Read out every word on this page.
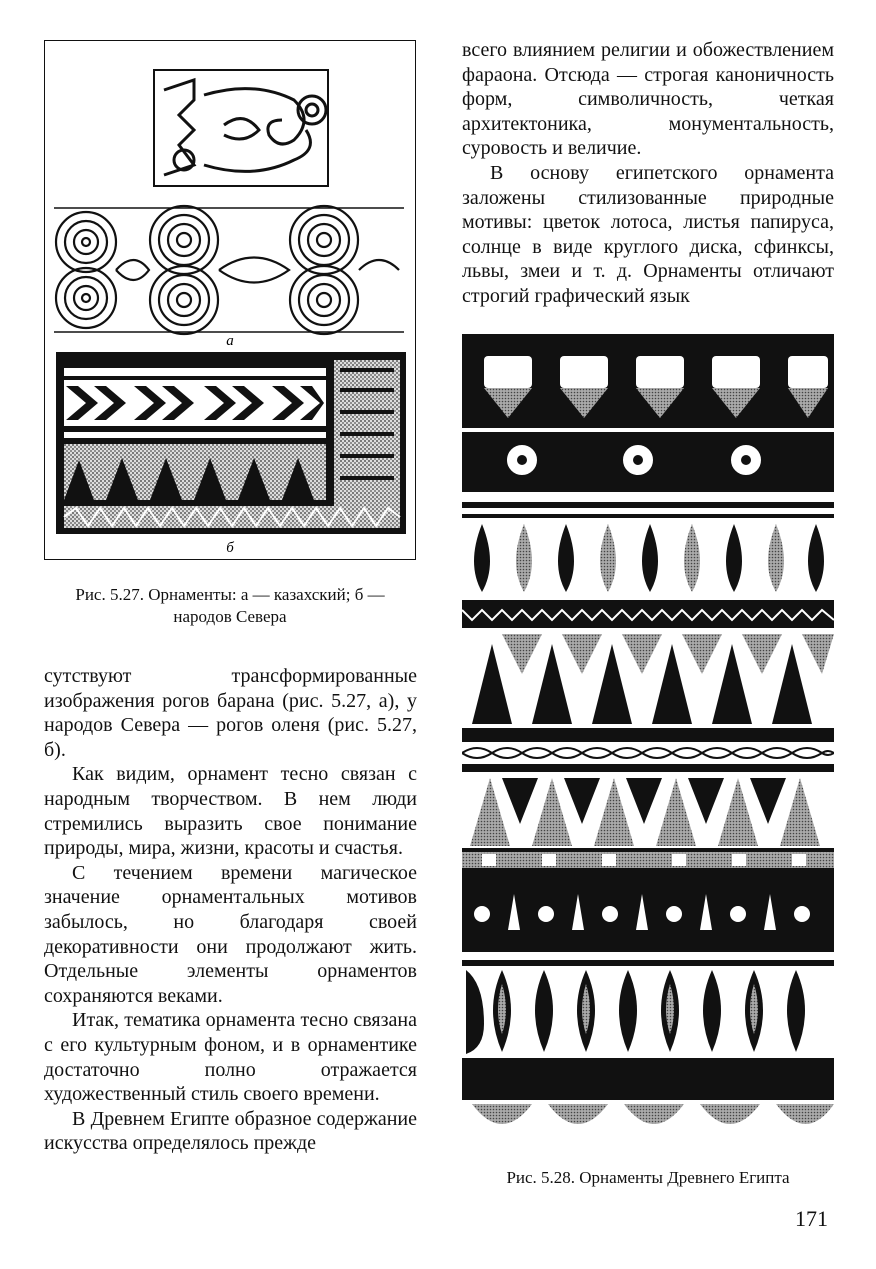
а
б
Рис. 5.27. Орнаменты: а — казахский; б —
народов Севера
Рис. 5.28. Орнаменты Древнего Египта

всего влиянием религии и обожествлением фараона. Отсюда — строгая каноничность форм, символичность, четкая архитектоника, монументальность, суровость и величие.

В основу египетского орнамента заложены стилизованные природные мотивы: цветок лотоса, листья папируса, солнце в виде круглого диска, сфинксы, львы, змеи и т. д. Орнаменты отличают строгий графический язык

сутствуют трансформированные изображения рогов барана (рис. 5.27, а), у народов Севера — рогов оленя (рис. 5.27, б).

Как видим, орнамент тесно связан с народным творчеством. В нем люди стремились выразить свое понимание природы, мира, жизни, красоты и счастья.

С течением времени магическое значение орнаментальных мотивов забылось, но благодаря своей декоративности они продолжают жить. Отдельные элементы орнаментов сохраняются веками.

Итак, тематика орнамента тесно связана с его культурным фоном, и в орнаментике достаточно полно отражается художественный стиль своего времени.

В Древнем Египте образное содержание искусства определялось прежде

171
